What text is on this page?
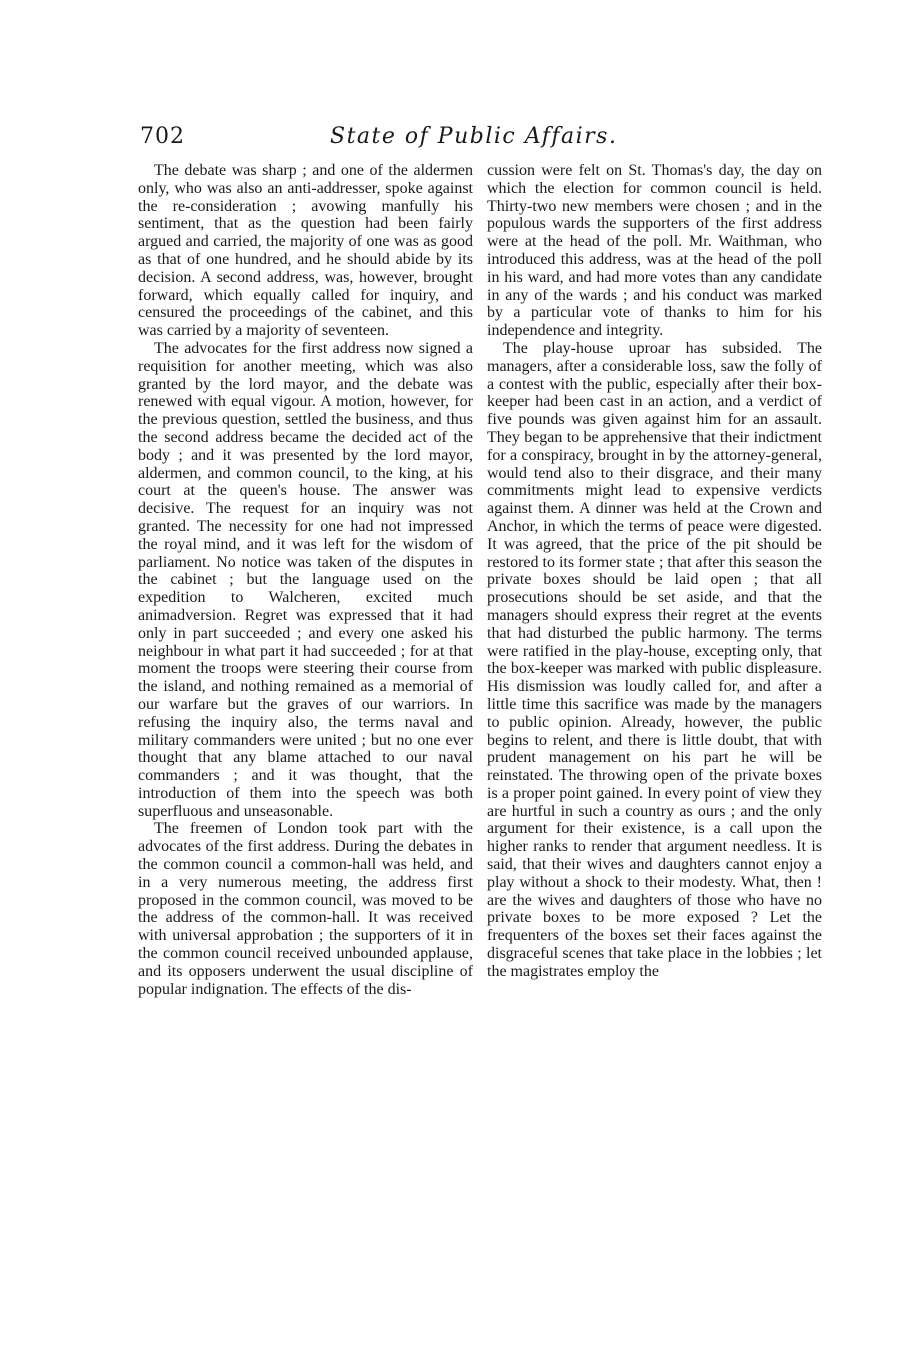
702	State of Public Affairs.

The debate was sharp ; and one of the aldermen only, who was also an anti-addresser, spoke against the re-consideration ; avowing manfully his sentiment, that as the question had been fairly argued and carried, the majority of one was as good as that of one hundred, and he should abide by its decision. A second address, was, however, brought forward, which equally called for inquiry, and censured the proceedings of the cabinet, and this was carried by a majority of seventeen.

The advocates for the first address now signed a requisition for another meeting, which was also granted by the lord mayor, and the debate was renewed with equal vigour. A motion, however, for the previous question, settled the business, and thus the second address became the decided act of the body ; and it was presented by the lord mayor, aldermen, and common council, to the king, at his court at the queen's house. The answer was decisive. The request for an inquiry was not granted. The necessity for one had not impressed the royal mind, and it was left for the wisdom of parliament. No notice was taken of the disputes in the cabinet ; but the language used on the expedition to Walcheren, excited much animadversion. Regret was expressed that it had only in part succeeded ; and every one asked his neighbour in what part it had succeeded ; for at that moment the troops were steering their course from the island, and nothing remained as a memorial of our warfare but the graves of our warriors. In refusing the inquiry also, the terms naval and military commanders were united ; but no one ever thought that any blame attached to our naval commanders ; and it was thought, that the introduction of them into the speech was both superfluous and unseasonable.

The freemen of London took part with the advocates of the first address. During the debates in the common council a common-hall was held, and in a very numerous meeting, the address first proposed in the common council, was moved to be the address of the common-hall. It was received with universal approbation ; the supporters of it in the common council received unbounded applause, and its opposers underwent the usual discipline of popular indignation. The effects of the dis-

cussion were felt on St. Thomas's day, the day on which the election for common council is held. Thirty-two new members were chosen ; and in the populous wards the supporters of the first address were at the head of the poll. Mr. Waithman, who introduced this address, was at the head of the poll in his ward, and had more votes than any candidate in any of the wards ; and his conduct was marked by a particular vote of thanks to him for his independence and integrity.

The play-house uproar has subsided. The managers, after a considerable loss, saw the folly of a contest with the public, especially after their box-keeper had been cast in an action, and a verdict of five pounds was given against him for an assault. They began to be apprehensive that their indictment for a conspiracy, brought in by the attorney-general, would tend also to their disgrace, and their many commitments might lead to expensive verdicts against them. A dinner was held at the Crown and Anchor, in which the terms of peace were digested. It was agreed, that the price of the pit should be restored to its former state ; that after this season the private boxes should be laid open ; that all prosecutions should be set aside, and that the managers should express their regret at the events that had disturbed the public harmony. The terms were ratified in the play-house, excepting only, that the box-keeper was marked with public displeasure. His dismission was loudly called for, and after a little time this sacrifice was made by the managers to public opinion. Already, however, the public begins to relent, and there is little doubt, that with prudent management on his part he will be reinstated. The throwing open of the private boxes is a proper point gained. In every point of view they are hurtful in such a country as ours ; and the only argument for their existence, is a call upon the higher ranks to render that argument needless. It is said, that their wives and daughters cannot enjoy a play without a shock to their modesty. What, then ! are the wives and daughters of those who have no private boxes to be more exposed ? Let the frequenters of the boxes set their faces against the disgraceful scenes that take place in the lobbies ; let the magistrates employ the
